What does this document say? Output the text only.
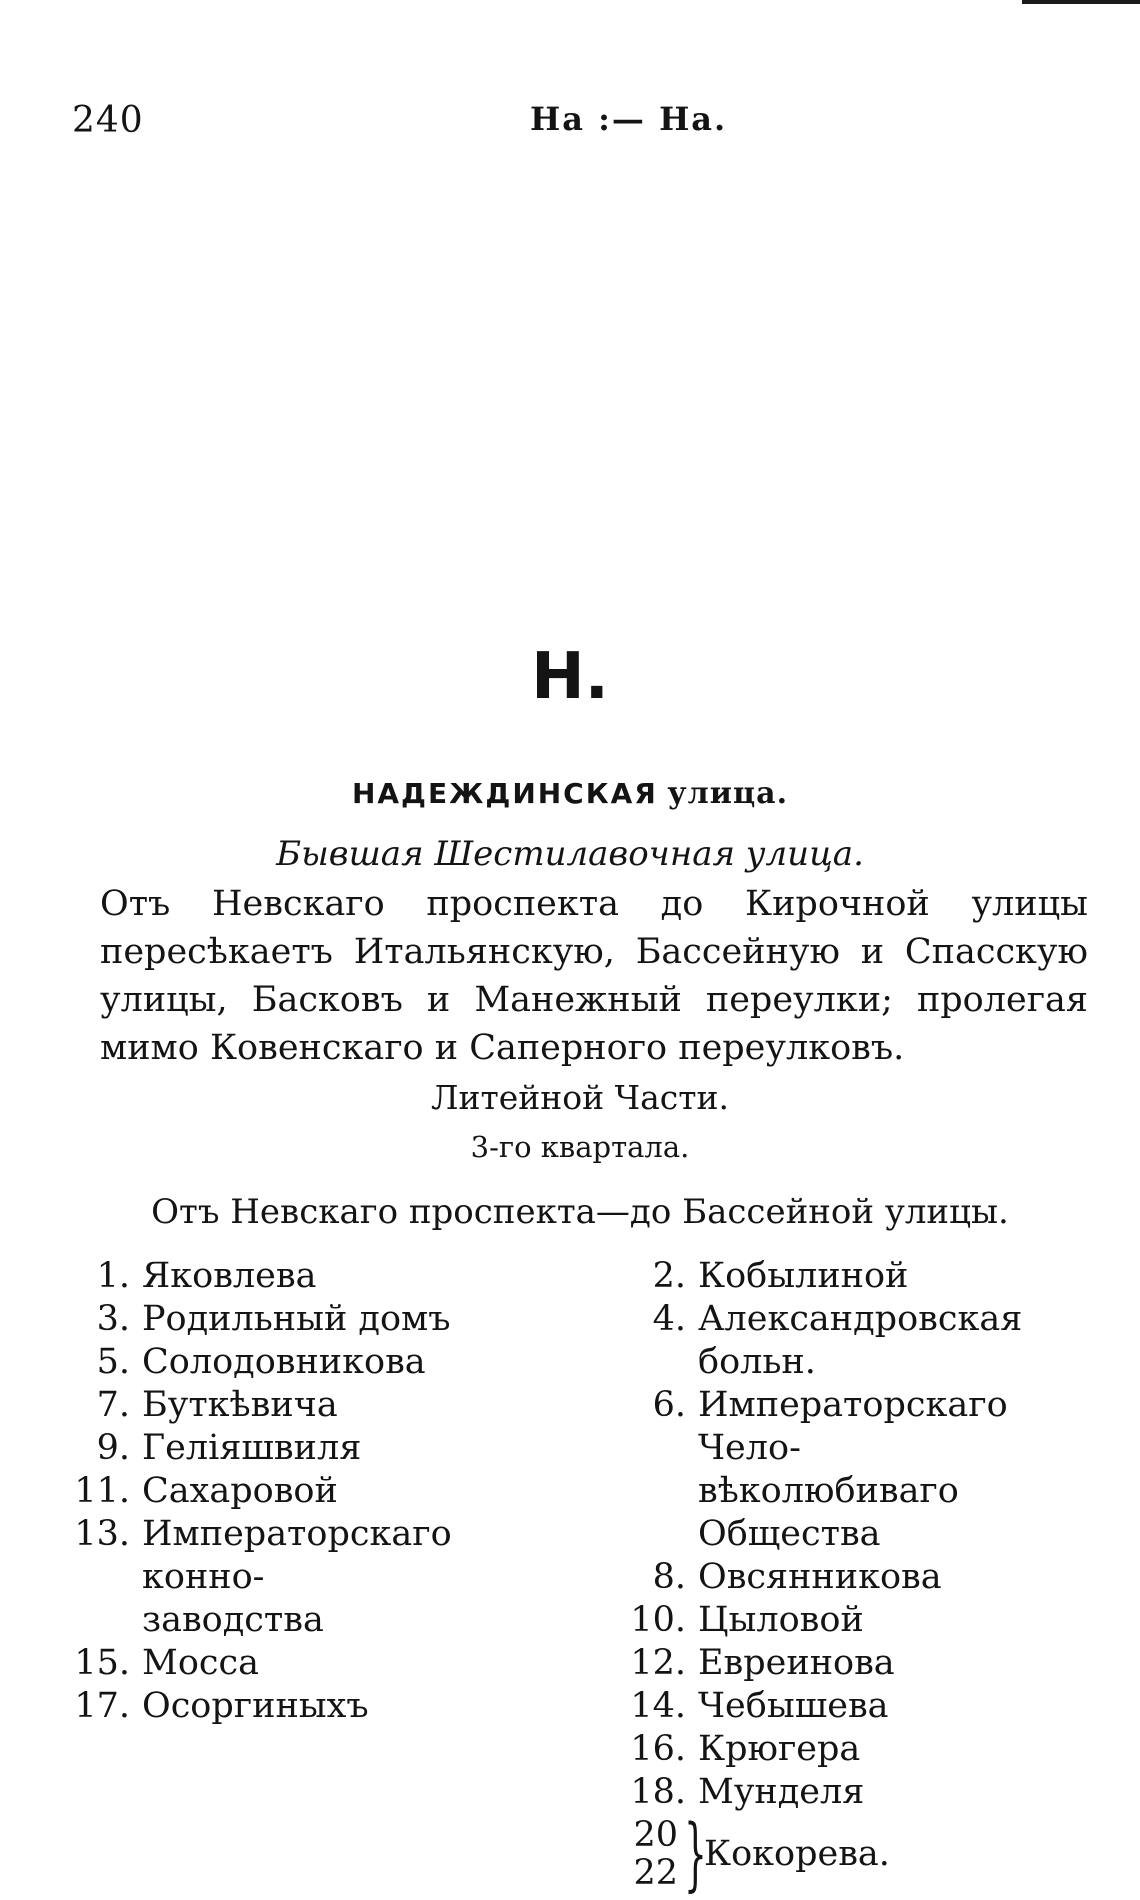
240	На :— На.
Н.
НАДЕЖДИНСКАЯ улица.
Бывшая Шестилавочная улица.
Отъ Невскаго проспекта до Кирочной улицы пересѣкаетъ Итальянскую, Бассейную и Спасскую улицы, Басковъ и Манежный переулки; пролегая мимо Ковенскаго и Саперного переулковъ.
Литейной Части.
3-го квартала.
Отъ Невскаго проспекта—до Бассейной улицы.
1. Яковлева
3. Родильный домъ
5. Солодовникова
7. Буткѣвича
9. Геліяшвиля
11. Сахаровой
13. Императорскаго конно-
заводства
15. Мосса
17. Осоргиныхъ
2. Кобылиной
4. Александровская больн.
6. Императорскаго Чело-
вѣколюбиваго Общества
8. Овсянникова
10. Цыловой
12. Евреинова
14. Чебышева
16. Крюгера
18. Мунделя
20
22 }
Кокорева.
